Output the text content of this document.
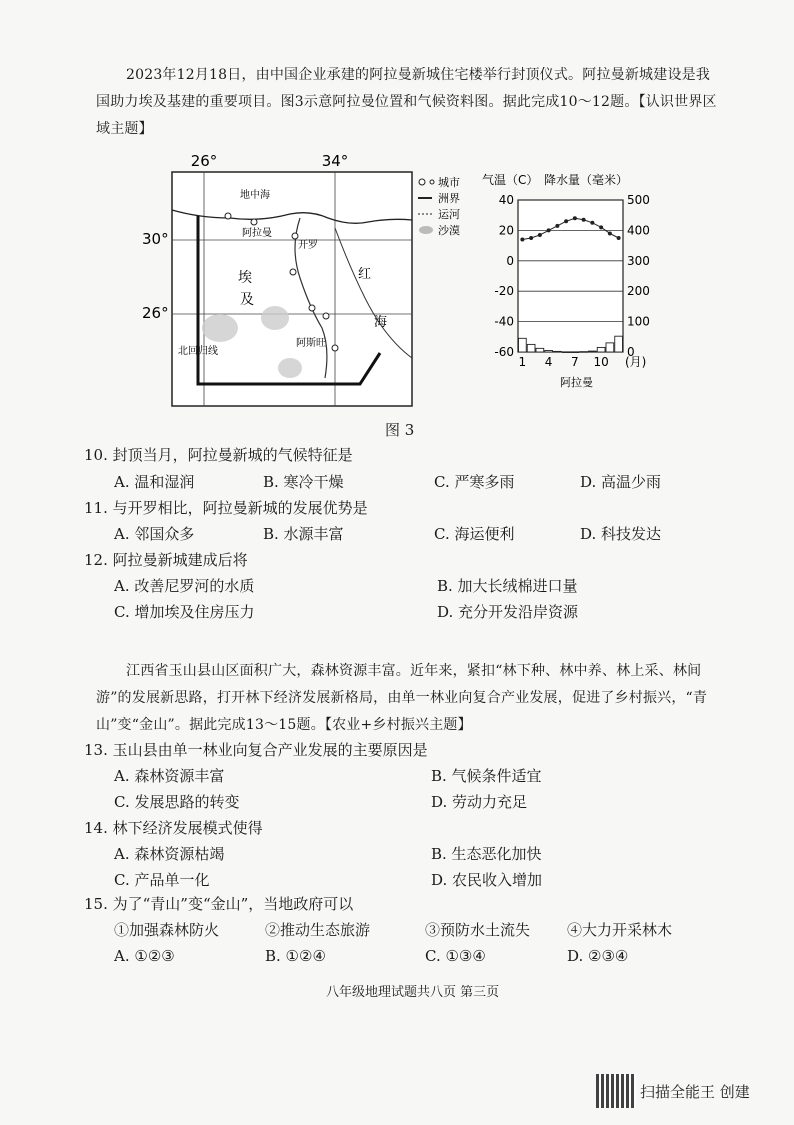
2023年12月18日，由中国企业承建的阿拉曼新城住宅楼举行封顶仪式。阿拉曼新城建设是我国助力埃及基建的重要项目。图3示意阿拉曼位置和气候资料图。据此完成10～12题。【认识世界区域主题】
26°	34°
30°
26°
地中海
阿拉曼
开罗
埃
及
红
海
阿斯旺
北回归线
城市
洲界
运河
沙漠
气温（C） 降水量（毫米）
40	500
20	400
0	300
-20	200
-40	100
-60	0
1 4 7 10 (月)
阿拉曼
图 3
10. 封顶当月，阿拉曼新城的气候特征是
A. 温和湿润	B. 寒冷干燥	C. 严寒多雨	D. 高温少雨
11. 与开罗相比，阿拉曼新城的发展优势是
A. 邻国众多	B. 水源丰富	C. 海运便利	D. 科技发达
12. 阿拉曼新城建成后将
A. 改善尼罗河的水质	B. 加大长绒棉进口量
C. 增加埃及住房压力	D. 充分开发沿岸资源
江西省玉山县山区面积广大，森林资源丰富。近年来，紧扣“林下种、林中养、林上采、林间游”的发展新思路，打开林下经济发展新格局，由单一林业向复合产业发展，促进了乡村振兴，“青山”变“金山”。据此完成13～15题。【农业+乡村振兴主题】
13. 玉山县由单一林业向复合产业发展的主要原因是
A. 森林资源丰富	B. 气候条件适宜
C. 发展思路的转变	D. 劳动力充足
14. 林下经济发展模式使得
A. 森林资源枯竭	B. 生态恶化加快
C. 产品单一化	D. 农民收入增加
15. 为了“青山”变“金山”，当地政府可以
①加强森林防火	②推动生态旅游	③预防水土流失 ④大力开采林木
A. ①②③	B. ①②④	C. ①③④	D. ②③④
八年级地理试题共八页 第三页
扫描全能王 创建
